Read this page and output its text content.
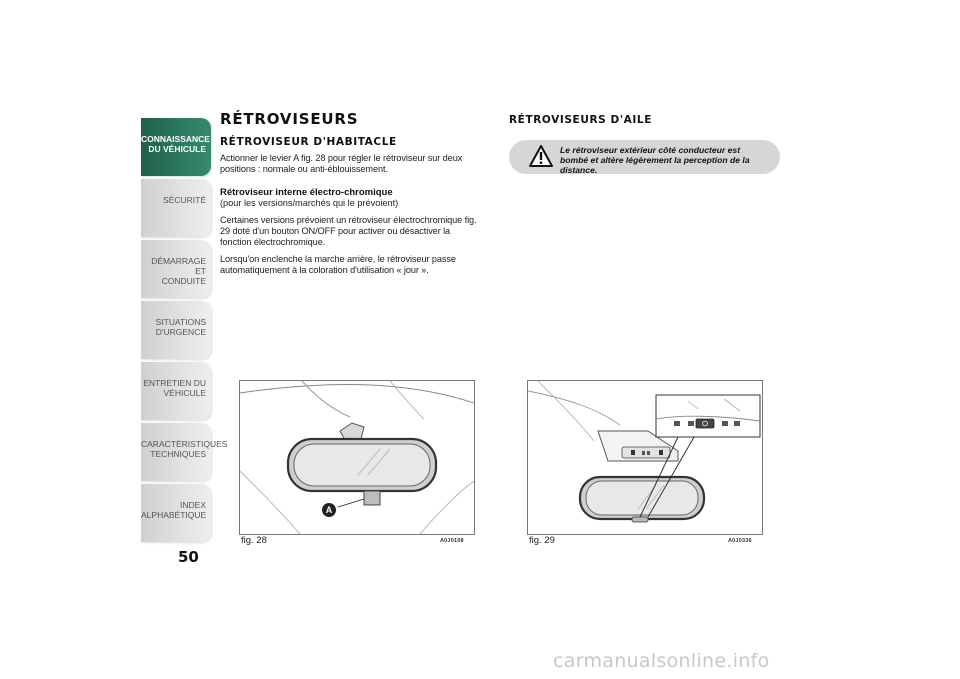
CONNAISSANCE
DU VÉHICULE
SÉCURITÉ
DÉMARRAGE ET
CONDUITE
SITUATIONS
D'URGENCE
ENTRETIEN DU
VÉHICULE
CARACTÉRISTIQUES
TECHNIQUES
INDEX
ALPHABÉTIQUE
50
RÉTROVISEURS
RÉTROVISEUR D'HABITACLE

Actionner le levier A fig. 28 pour régler le rétroviseur sur deux positions : normale ou anti-éblouissement.

Rétroviseur interne électro-chromique
(pour les versions/marchés qui le prévoient)

Certaines versions prévoient un rétroviseur électrochromique fig. 29 doté d'un bouton ON/OFF pour activer ou désactiver la fonction électrochromique.

Lorsqu'on enclenche la marche arrière, le rétroviseur passe automatiquement à la coloration d'utilisation « jour ».

RÉTROVISEURS D'AILE
Le rétroviseur extérieur côté conducteur est bombé et altère légèrement la perception de la distance.
A
fig. 28	A0J0108	fig. 29	A0J0336
carmanualsonline.info
